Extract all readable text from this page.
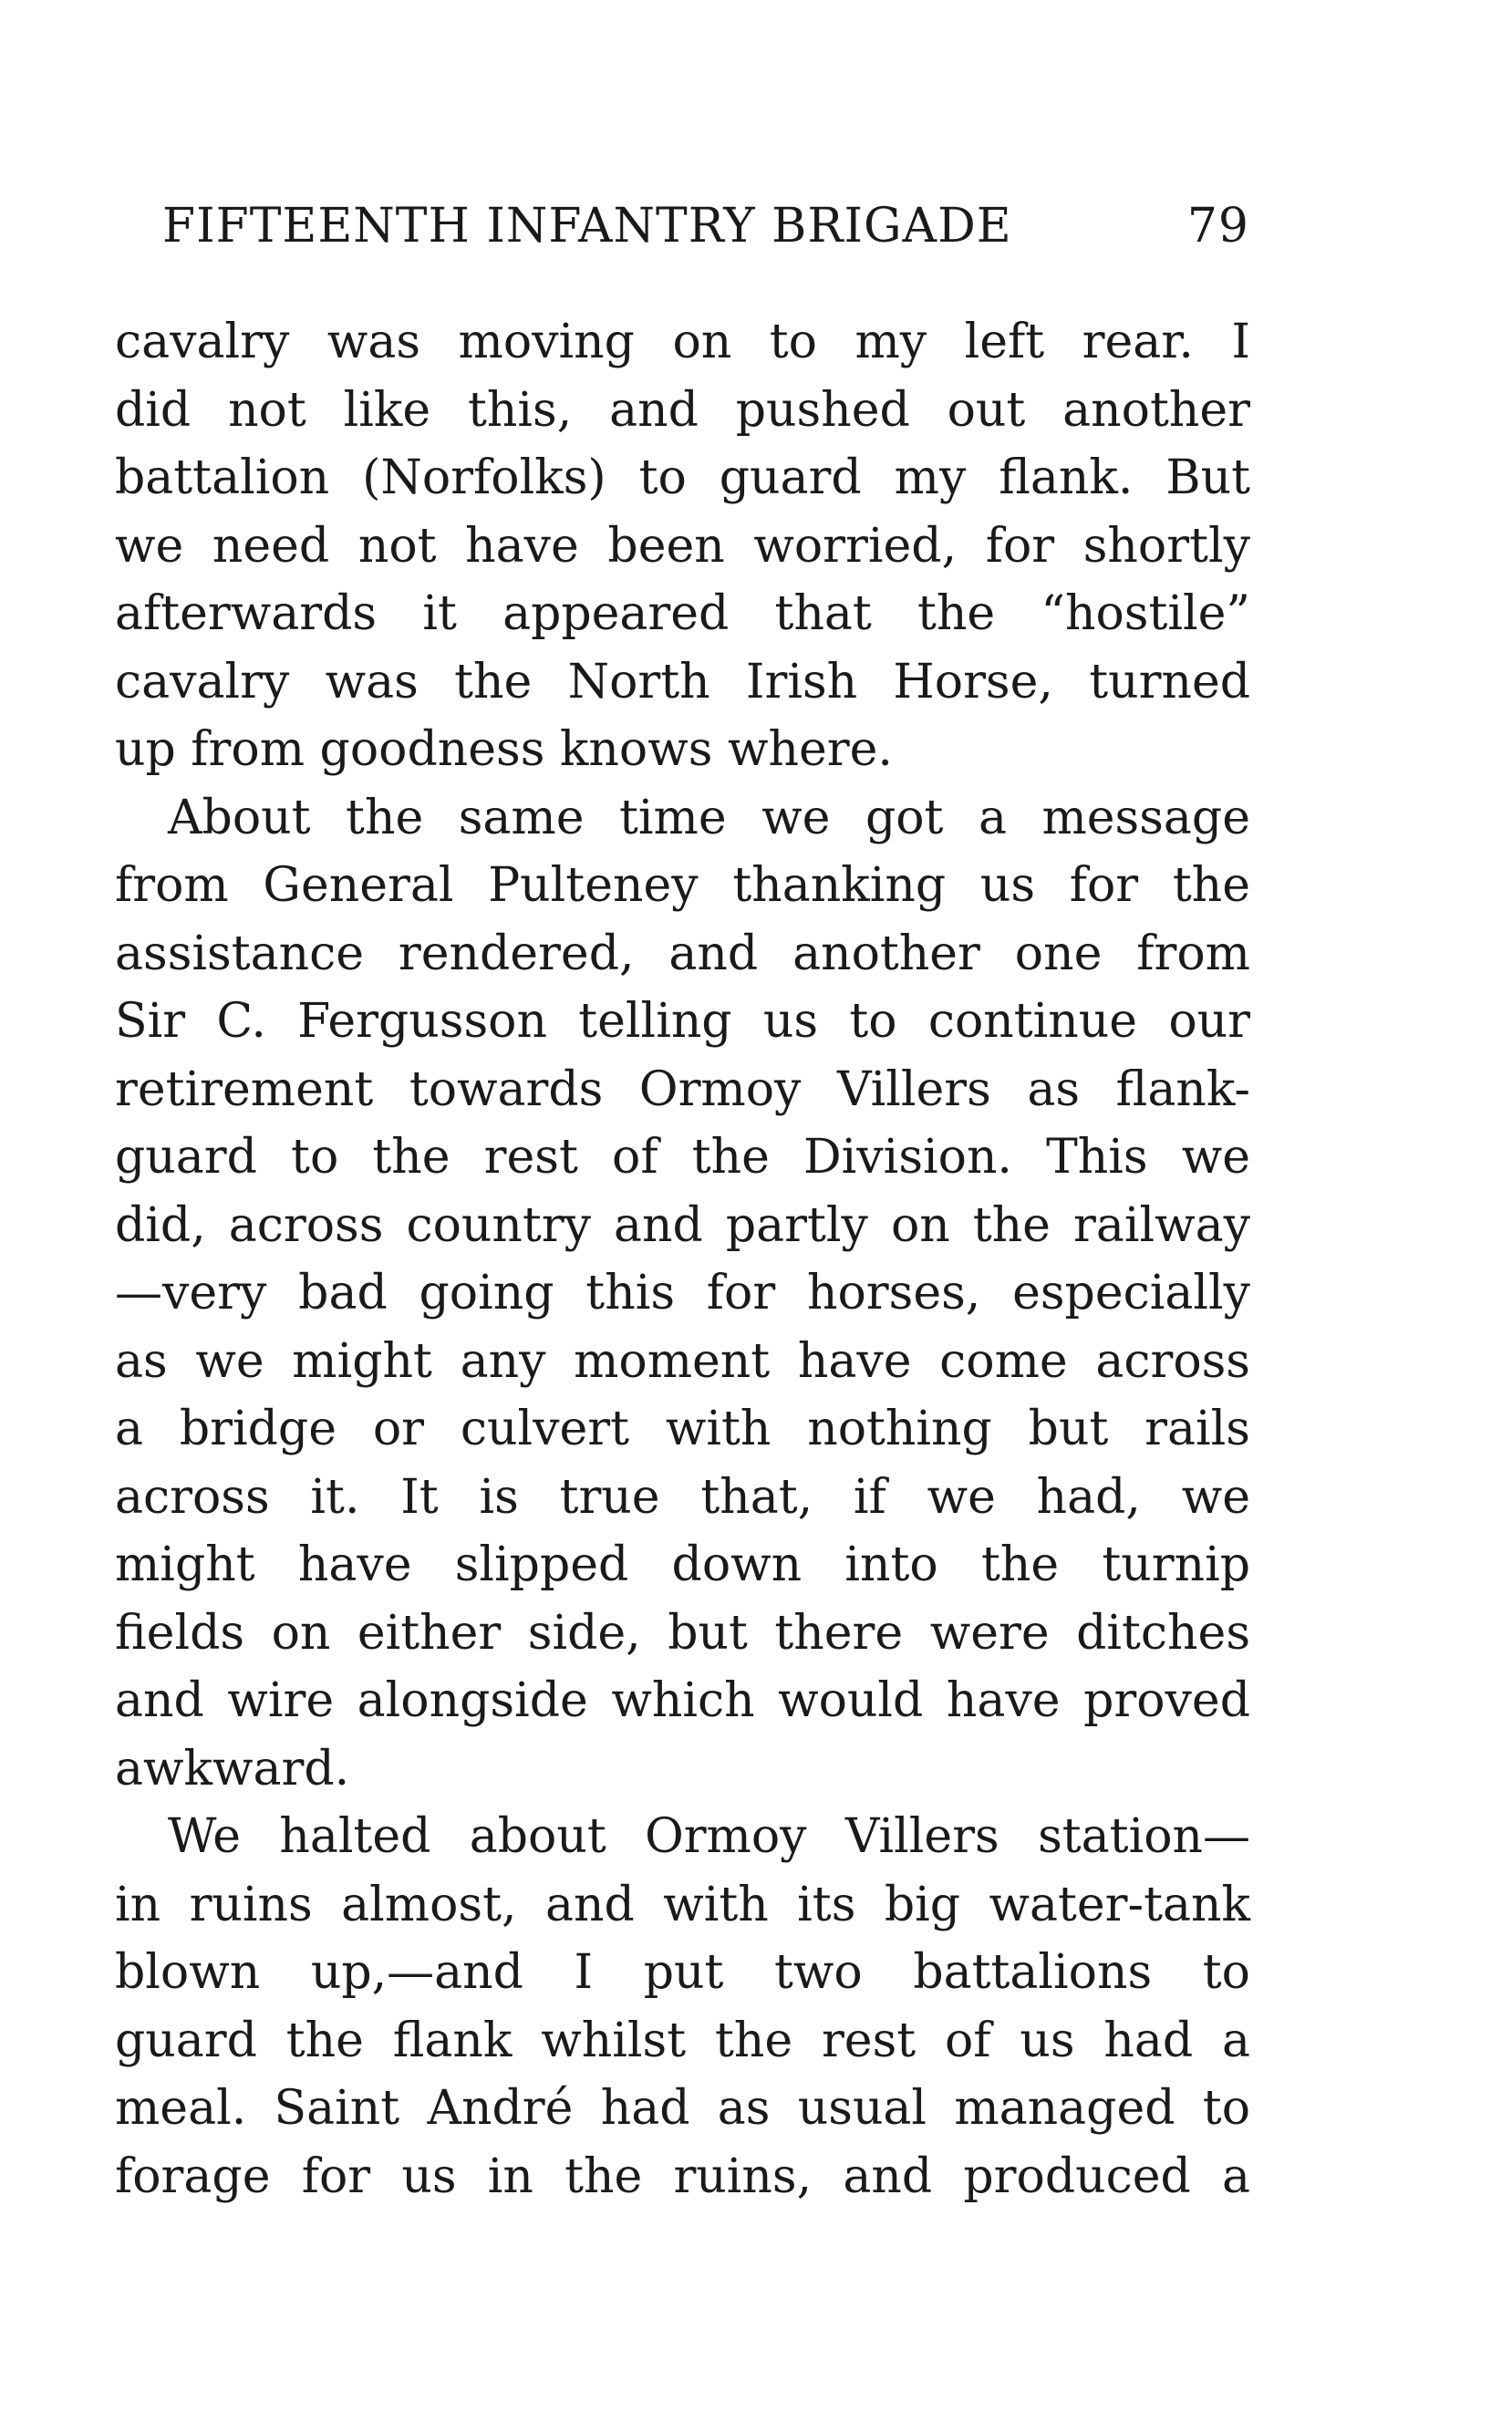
FIFTEENTH INFANTRY BRIGADE	79
cavalry was moving on to my left rear. I
did not like this, and pushed out another
battalion (Norfolks) to guard my flank. But
we need not have been worried, for shortly
afterwards it appeared that the “hostile”
cavalry was the North Irish Horse, turned
up from goodness knows where.
About the same time we got a message
from General Pulteney thanking us for the
assistance rendered, and another one from
Sir C. Fergusson telling us to continue our
retirement towards Ormoy Villers as flank-
guard to the rest of the Division. This we
did, across country and partly on the railway
—very bad going this for horses, especially
as we might any moment have come across
a bridge or culvert with nothing but rails
across it. It is true that, if we had, we
might have slipped down into the turnip
fields on either side, but there were ditches
and wire alongside which would have proved
awkward.
We halted about Ormoy Villers station—
in ruins almost, and with its big water-tank
blown up,—and I put two battalions to
guard the flank whilst the rest of us had a
meal. Saint André had as usual managed to
forage for us in the ruins, and produced a
